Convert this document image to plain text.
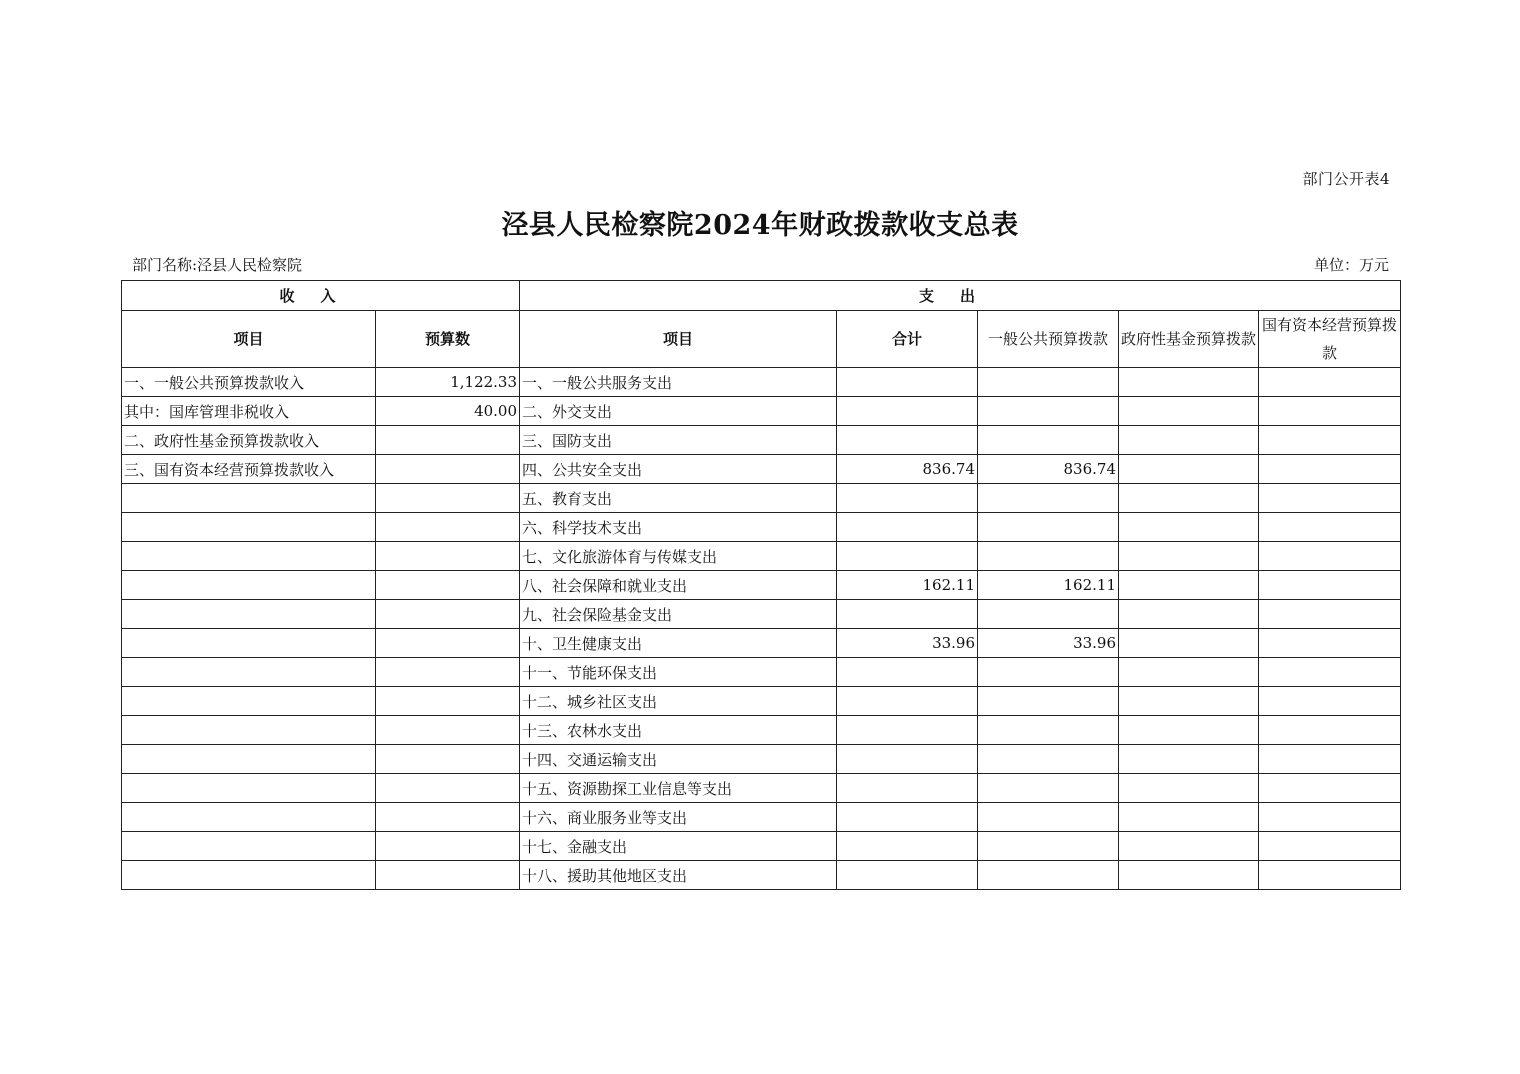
部门公开表4
泾县人民检察院2024年财政拨款收支总表
部门名称:泾县人民检察院	单位：万元
收入		支出				
项目	预算数	项目	合计	一般公共预算拨款	政府性基金预算拨款	国有资本经营预算拨款
一、一般公共预算拨款收入	1,122.33	一、一般公共服务支出				
其中：国库管理非税收入	40.00	二、外交支出				
二、政府性基金预算拨款收入		三、国防支出				
三、国有资本经营预算拨款收入		四、公共安全支出	836.74	836.74		
		五、教育支出				
		六、科学技术支出				
		七、文化旅游体育与传媒支出				
		八、社会保障和就业支出	162.11	162.11		
		九、社会保险基金支出				
		十、卫生健康支出	33.96	33.96		
		十一、节能环保支出				
		十二、城乡社区支出				
		十三、农林水支出				
		十四、交通运输支出				
		十五、资源勘探工业信息等支出				
		十六、商业服务业等支出				
		十七、金融支出				
		十八、援助其他地区支出				
